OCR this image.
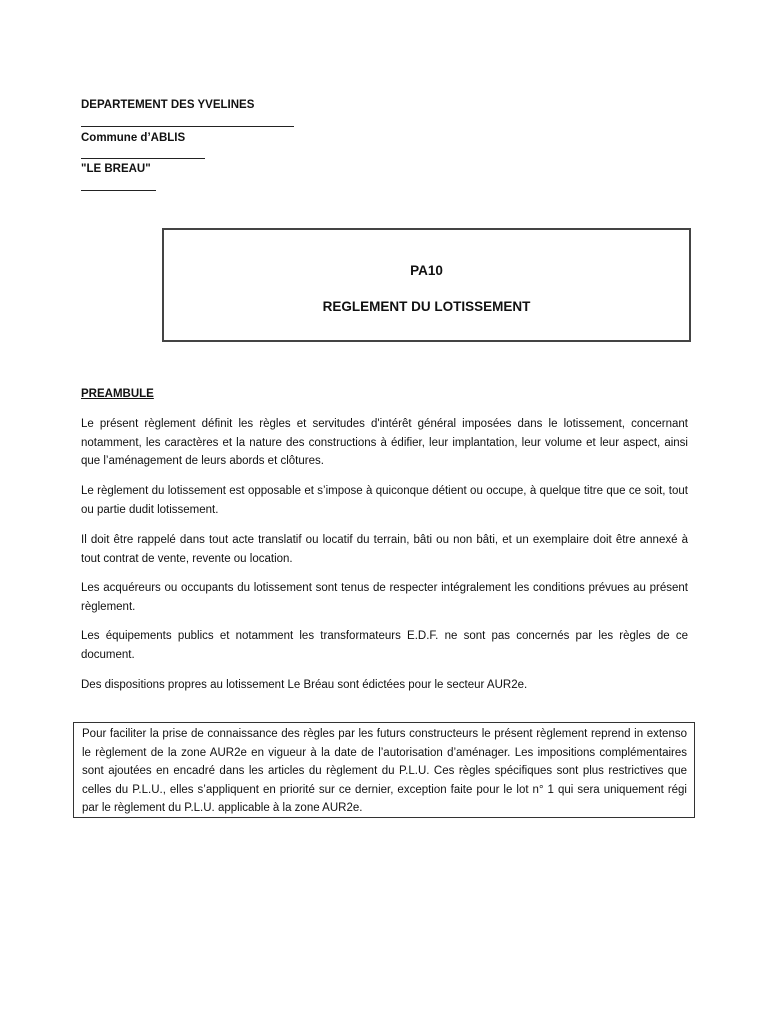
DEPARTEMENT DES YVELINES
Commune d’ABLIS
"LE BREAU"
PA10
REGLEMENT DU LOTISSEMENT
PREAMBULE
Le présent règlement définit les règles et servitudes d'intérêt général imposées dans le lotissement, concernant notamment, les caractères et la nature des constructions à édifier, leur implantation, leur volume et leur aspect, ainsi que l’aménagement de leurs abords et clôtures.
Le règlement du lotissement est opposable et s’impose à quiconque détient ou occupe, à quelque titre que ce soit, tout ou partie dudit lotissement.
Il doit être rappelé dans tout acte translatif ou locatif du terrain, bâti ou non bâti, et un exemplaire doit être annexé à tout contrat de vente, revente ou location.
Les acquéreurs ou occupants du lotissement sont tenus de respecter intégralement les conditions prévues au présent règlement.
Les équipements publics et notamment les transformateurs E.D.F. ne sont pas concernés par les règles de ce document.
Des dispositions propres au lotissement Le Bréau sont édictées pour le secteur AUR2e.
Pour faciliter la prise de connaissance des règles par les futurs constructeurs le présent règlement reprend in extenso le règlement de la zone AUR2e en vigueur à la date de l’autorisation d’aménager. Les impositions complémentaires sont ajoutées en encadré dans les articles du règlement du P.L.U. Ces règles spécifiques sont plus restrictives que celles du P.L.U., elles s’appliquent en priorité sur ce dernier, exception faite pour le lot n° 1 qui sera uniquement régi par le règlement du P.L.U. applicable à la zone AUR2e.
